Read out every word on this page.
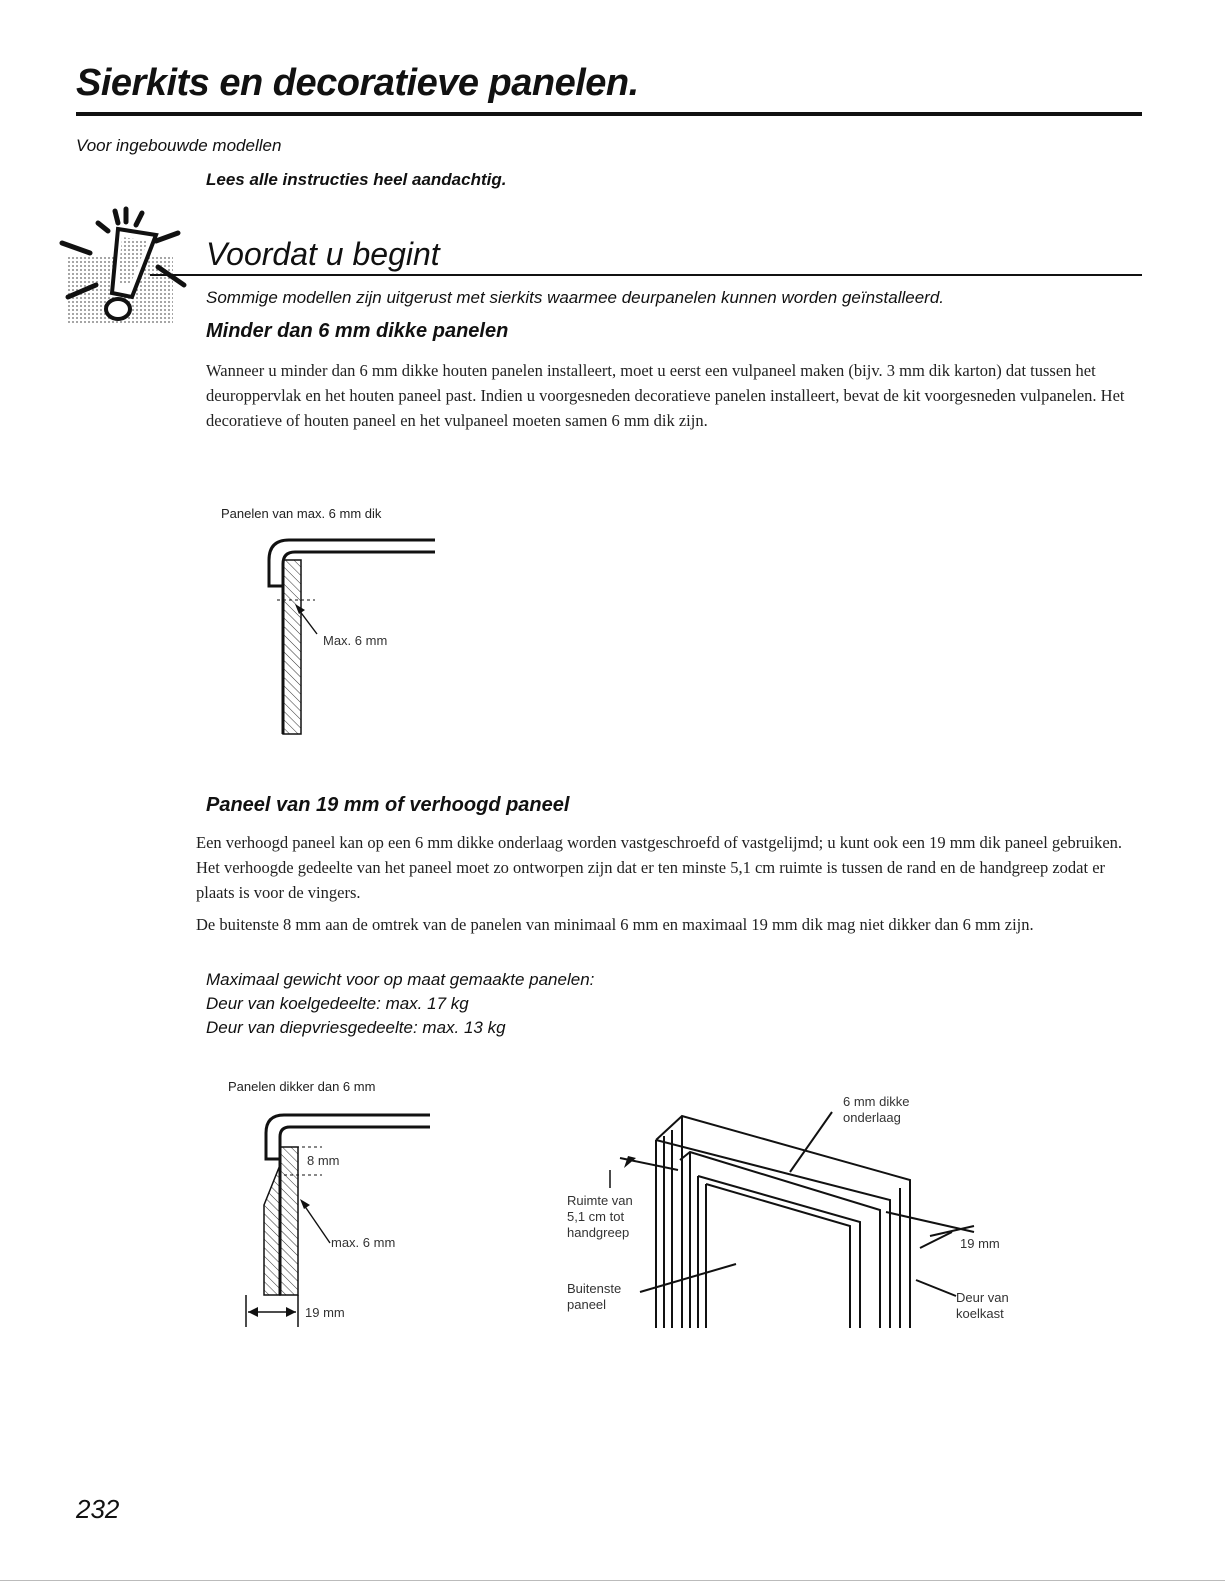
Sierkits en decoratieve panelen.
Voor ingebouwde modellen
Lees alle instructies heel aandachtig.
Voordat u begint
Sommige modellen zijn uitgerust met sierkits waarmee deurpanelen kunnen worden geïnstalleerd.
Minder dan 6 mm dikke panelen

Wanneer u minder dan 6 mm dikke houten panelen installeert, moet u eerst een vulpaneel maken (bijv. 3 mm dik karton) dat tussen het deuroppervlak en het houten paneel past. Indien u voorgesneden decoratieve panelen installeert, bevat de kit voorgesneden vulpanelen. Het decoratieve of houten paneel en het vulpaneel moeten samen 6 mm dik zijn.

Panelen van max. 6 mm dik
Max. 6 mm
Paneel van 19 mm of verhoogd paneel

Een verhoogd paneel kan op een 6 mm dikke onderlaag worden vastgeschroefd of vastgelijmd; u kunt ook een 19 mm dik paneel gebruiken. Het verhoogde gedeelte van het paneel moet zo ontworpen zijn dat er ten minste 5,1 cm ruimte is tussen de rand en de handgreep zodat er plaats is voor de vingers.

De buitenste 8 mm aan de omtrek van de panelen van minimaal 6 mm en maximaal 19 mm dik mag niet dikker dan 6 mm zijn.

Maximaal gewicht voor op maat gemaakte panelen:
Deur van koelgedeelte: max. 17 kg
Deur van diepvriesgedeelte: max. 13 kg
Panelen dikker dan 6 mm
8 mm
max. 6 mm
19 mm
6 mm dikke
onderlaag
Ruimte van
5,1 cm tot
handgreep
Buitenste
paneel
19 mm
Deur van
koelkast
232
